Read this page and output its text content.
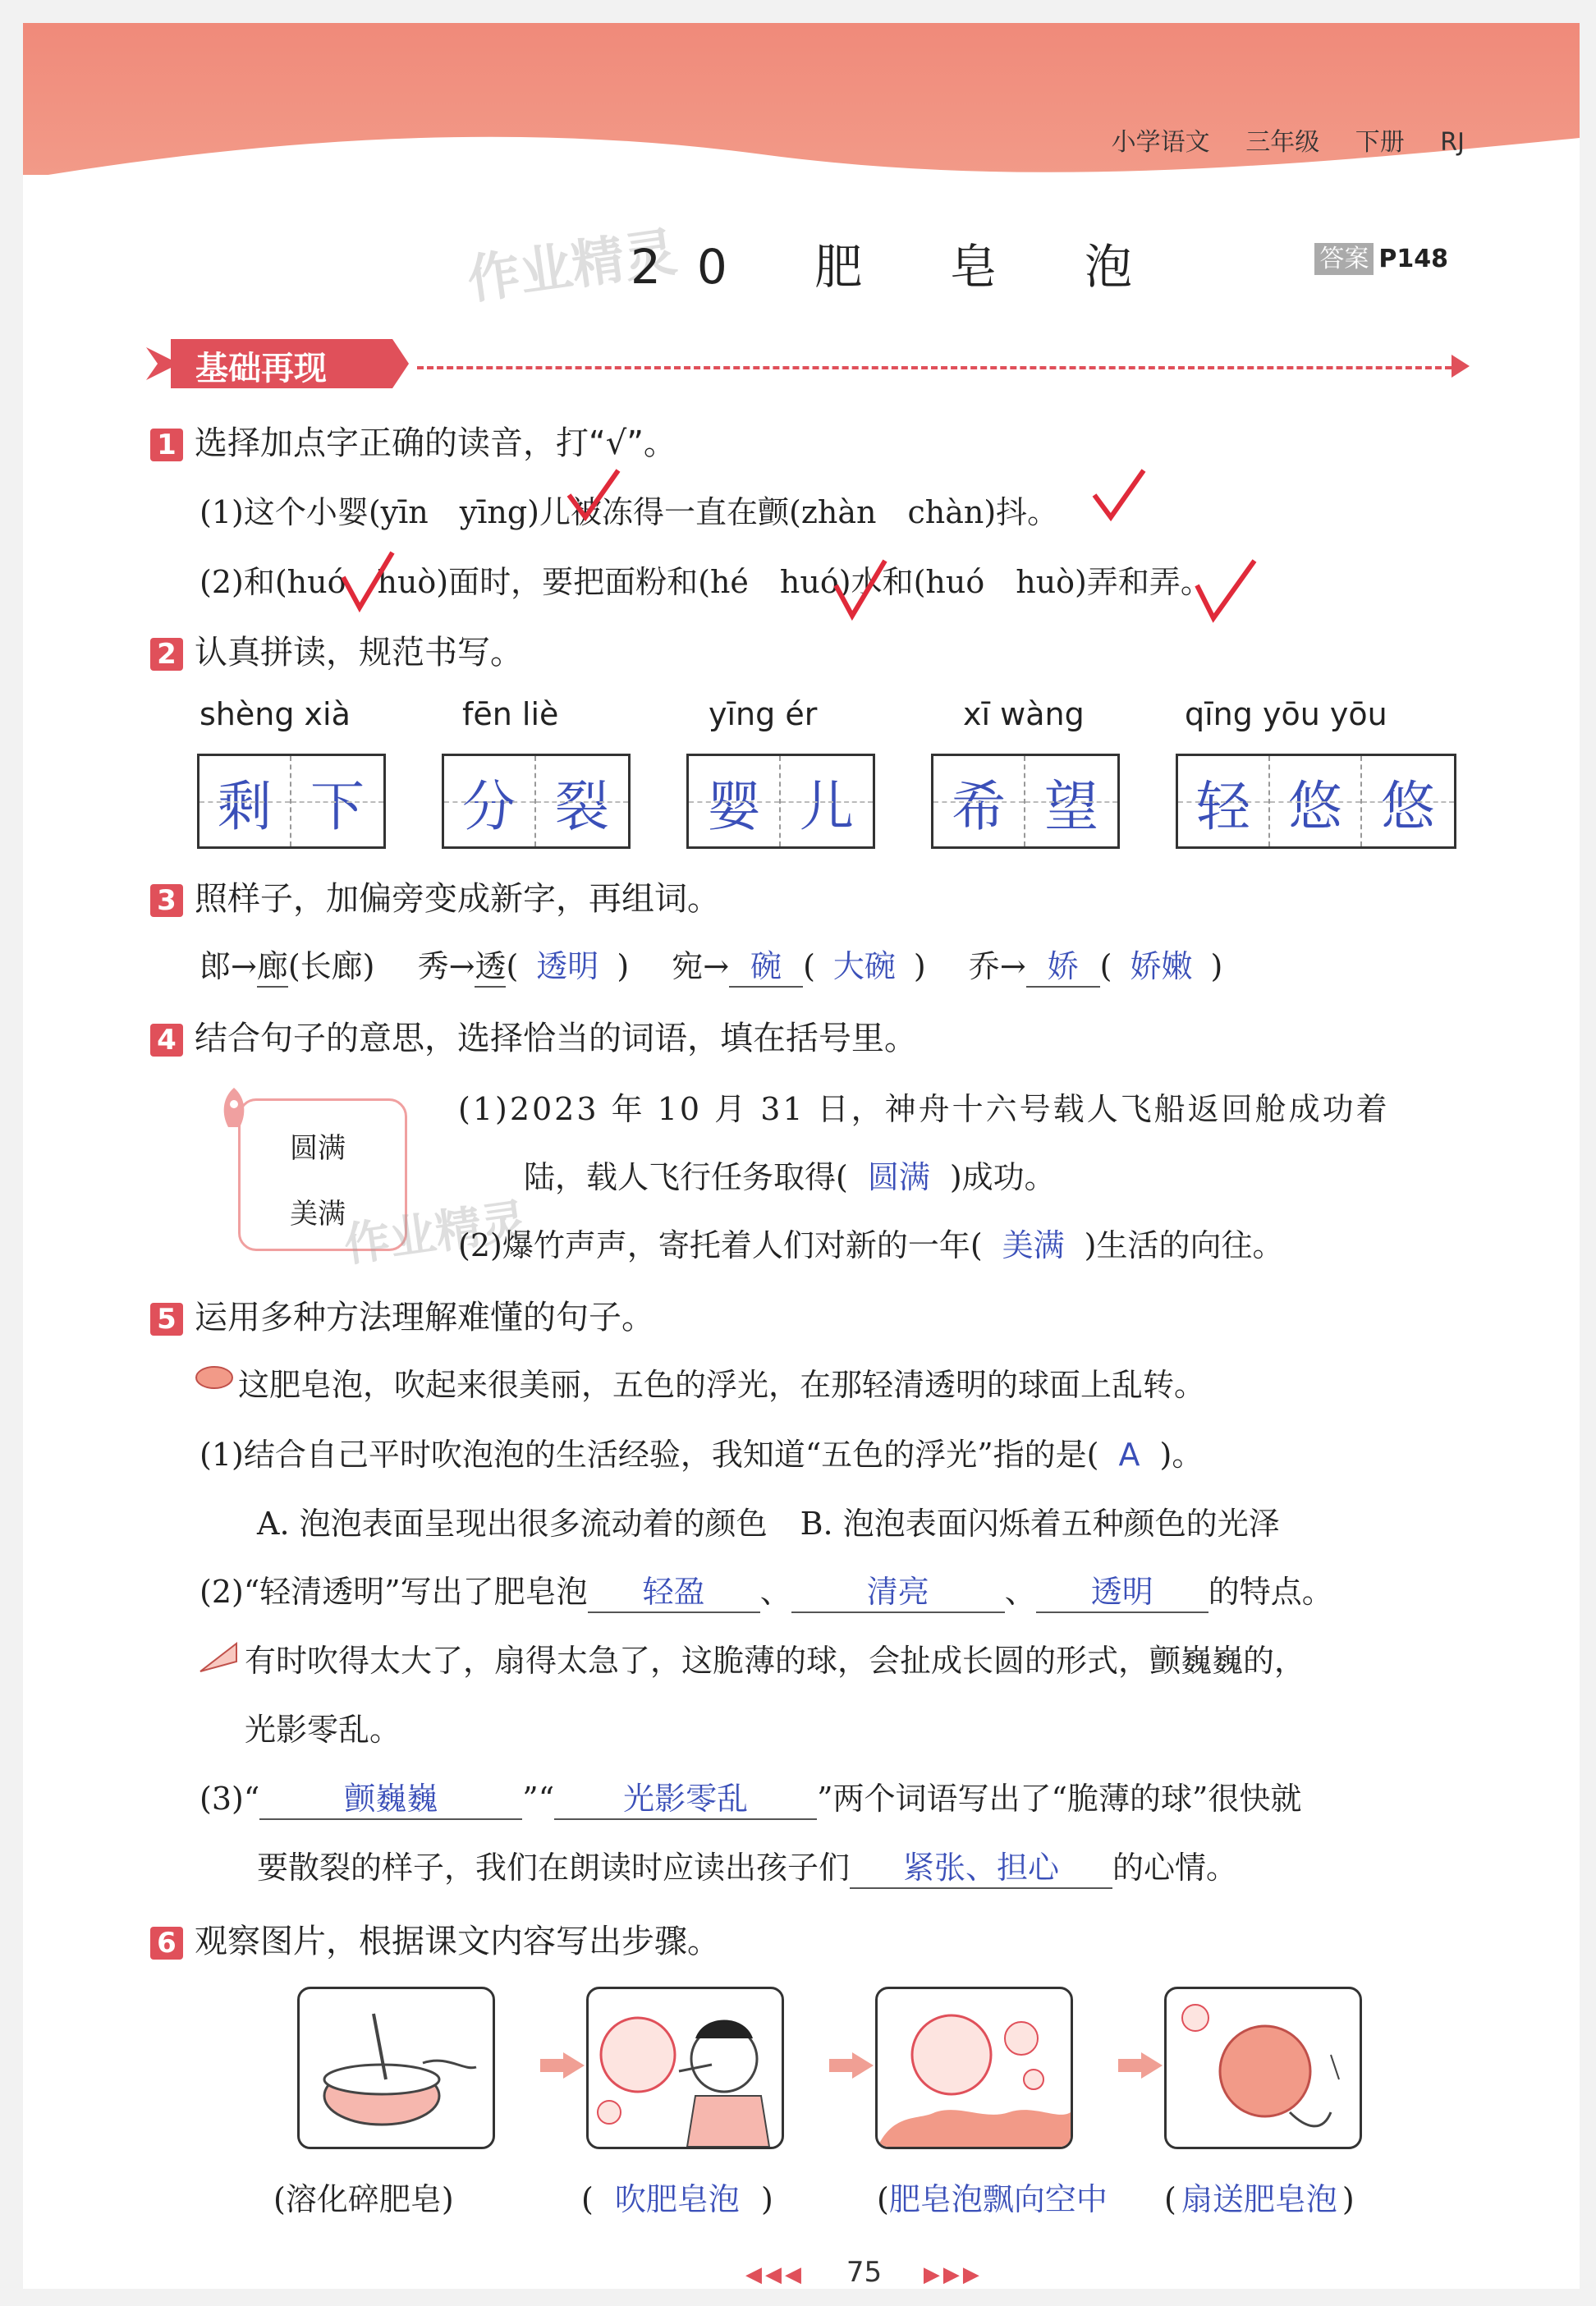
小学语文 三年级 下册 RJ
作业精灵
20 肥 皂 泡	答案 P148
基础再现
1 选择加点字正确的读音，打“√”。
(1)这个小婴(yīn　yīng)儿被冻得一直在颤(zhàn　chàn)抖。
(2)和(huó　huò)面时，要把面粉和(hé　huó)水和(huó　huò)弄和弄。
2 认真拼读，规范书写。
shèng xià	fēn liè	yīng ér	xī wàng	qīng yōu yōu
剩 下	分 裂	婴 儿	希 望	轻 悠 悠
3 照样子，加偏旁变成新字，再组词。
郎→廊(长廊) 秀→透( 透明 ) 宛→ 碗 ( 大碗 ) 乔→ 娇 ( 娇嫩 )
4 结合句子的意思，选择恰当的词语，填在括号里。
圆满
美满
(1)2023 年 10 月 31 日，神舟十六号载人飞船返回舱成功着
陆，载人飞行任务取得( 圆满 )成功。
作业精灵
(2)爆竹声声，寄托着人们对新的一年( 美满 )生活的向往。
5 运用多种方法理解难懂的句子。
这肥皂泡，吹起来很美丽，五色的浮光，在那轻清透明的球面上乱转。
(1)结合自己平时吹泡泡的生活经验，我知道“五色的浮光”指的是( A )。
A. 泡泡表面呈现出很多流动着的颜色 B. 泡泡表面闪烁着五种颜色的光泽
(2)“轻清透明”写出了肥皂泡 轻盈 、 清亮 、 透明 的特点。
有时吹得太大了，扇得太急了，这脆薄的球，会扯成长圆的形式，颤巍巍的，
光影零乱。
(3)“	颤巍巍	”“ 光影零乱 ”两个词语写出了“脆薄的球”很快就
要散裂的样子，我们在朗读时应读出孩子们 紧张、担心 的心情。
6 观察图片，根据课文内容写出步骤。
(溶化碎肥皂)	( 吹肥皂泡 )	(肥皂泡飘向空中 ( 扇送肥皂泡 )
◀◀◀ 75 ▶▶▶
